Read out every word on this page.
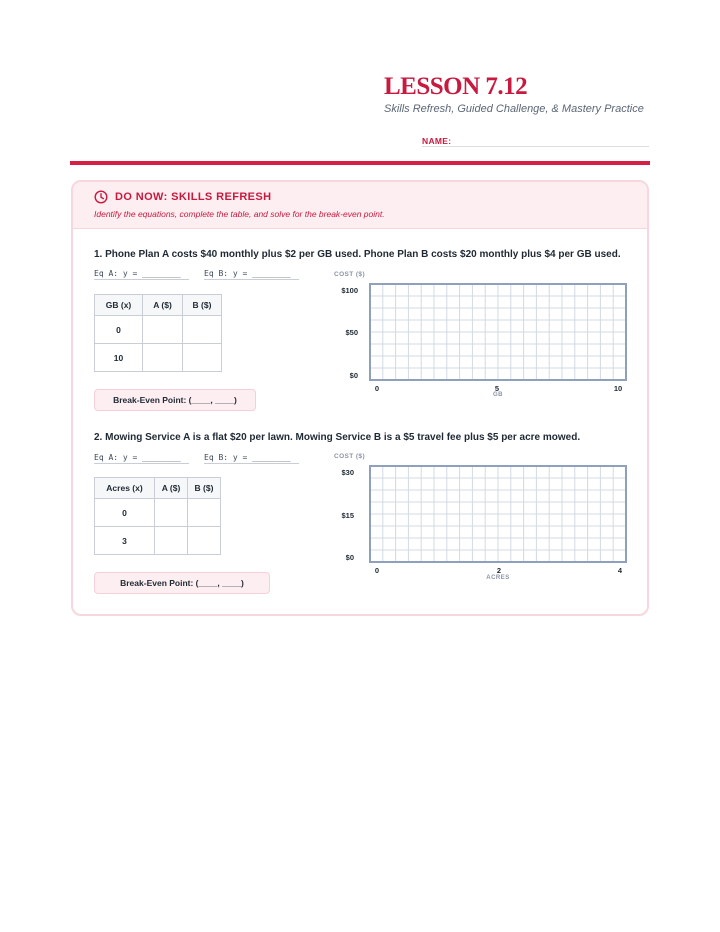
LESSON 7.12
Skills Refresh, Guided Challenge, & Mastery Practice
NAME:
DO NOW: SKILLS REFRESH
Identify the equations, complete the table, and solve for the break-even point.
1. Phone Plan A costs $40 monthly plus $2 per GB used. Phone Plan B costs $20 monthly plus $4 per GB used.
Eq A: y = ________	Eq B: y = ________
GB (x)	A ($)	B ($)
0		
10		
Break-Even Point: (____, ____)
COST ($)
$100
$50
$0
0	5	10
GB
2. Mowing Service A is a flat $20 per lawn. Mowing Service B is a $5 travel fee plus $5 per acre mowed.
Eq A: y = ________	Eq B: y = ________
Acres (x)	A ($)	B ($)
0		
3		
Break-Even Point: (____, ____)
COST ($)
$30
$15
$0
0	2	4
ACRES
